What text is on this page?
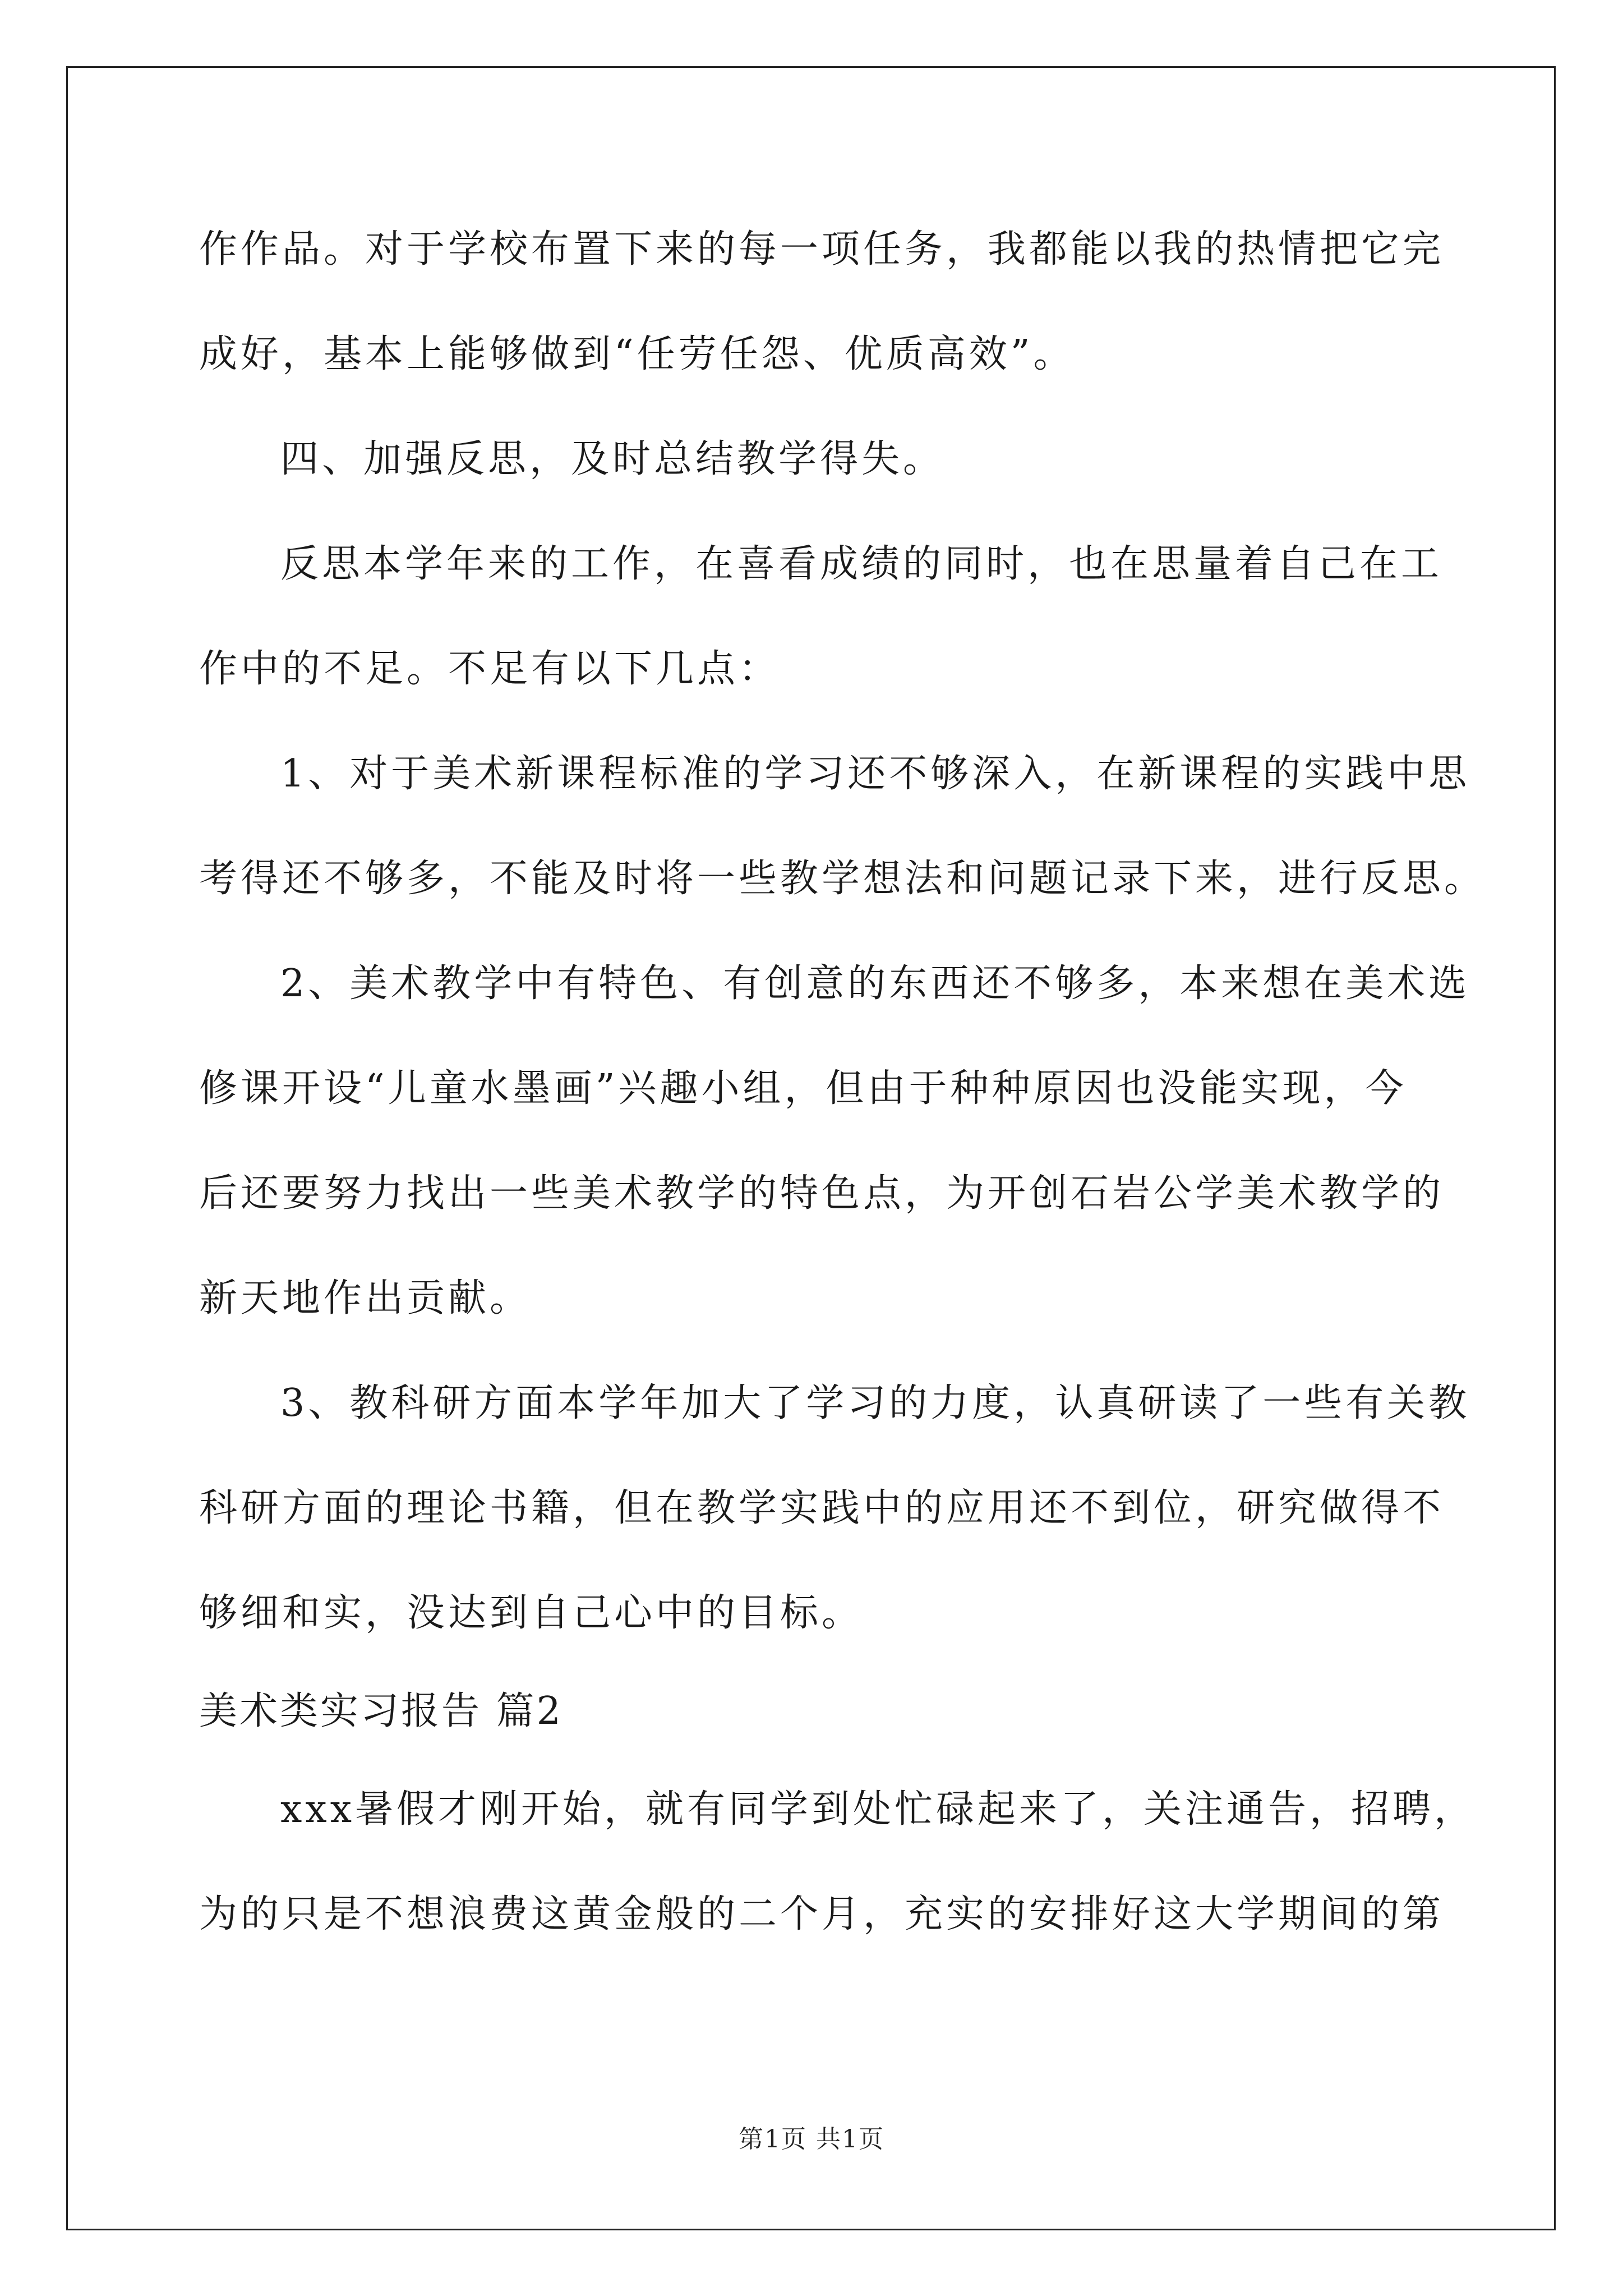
作作品。对于学校布置下来的每一项任务，我都能以我的热情把它完
成好，基本上能够做到“任劳任怨、优质高效”。
四、加强反思，及时总结教学得失。
反思本学年来的工作，在喜看成绩的同时，也在思量着自己在工
作中的不足。不足有以下几点：
1、对于美术新课程标准的学习还不够深入，在新课程的实践中思
考得还不够多，不能及时将一些教学想法和问题记录下来，进行反思。
2、美术教学中有特色、有创意的东西还不够多，本来想在美术选
修课开设“儿童水墨画”兴趣小组，但由于种种原因也没能实现，今
后还要努力找出一些美术教学的特色点，为开创石岩公学美术教学的
新天地作出贡献。
3、教科研方面本学年加大了学习的力度，认真研读了一些有关教
科研方面的理论书籍，但在教学实践中的应用还不到位，研究做得不
够细和实，没达到自己心中的目标。
美术类实习报告 篇2
xxx暑假才刚开始，就有同学到处忙碌起来了，关注通告，招聘，
为的只是不想浪费这黄金般的二个月，充实的安排好这大学期间的第
第1页 共1页
